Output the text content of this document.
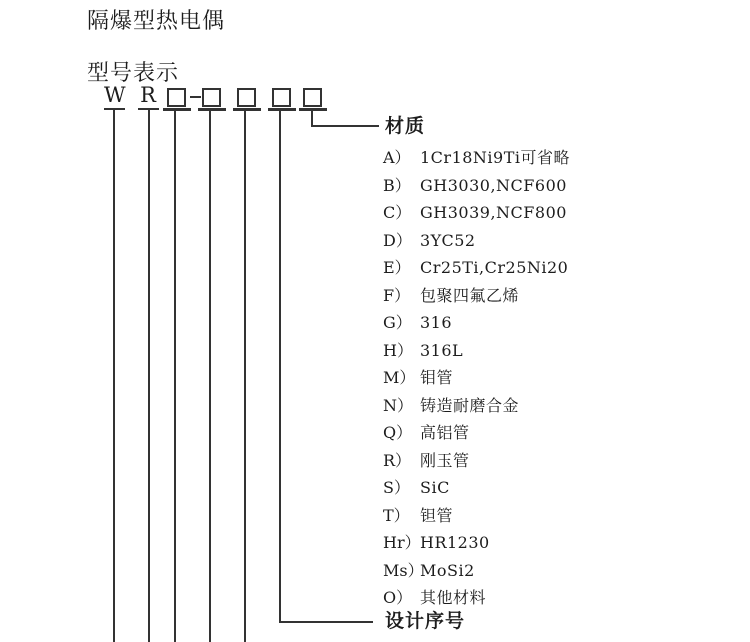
隔爆型热电偶
型号表示
W R
材质
A） 1Cr18Ni9Ti可省略
B） GH3030,NCF600
C） GH3039,NCF800
D） 3YC52
E） Cr25Ti,Cr25Ni20
F） 包聚四氟乙烯
G） 316
H） 316L
M） 钼管
N） 铸造耐磨合金
Q） 高铝管
R） 刚玉管
S） SiC
T） 钽管
Hr） HR1230
Ms）
MoSi2
O） 其他材料
设计序号
